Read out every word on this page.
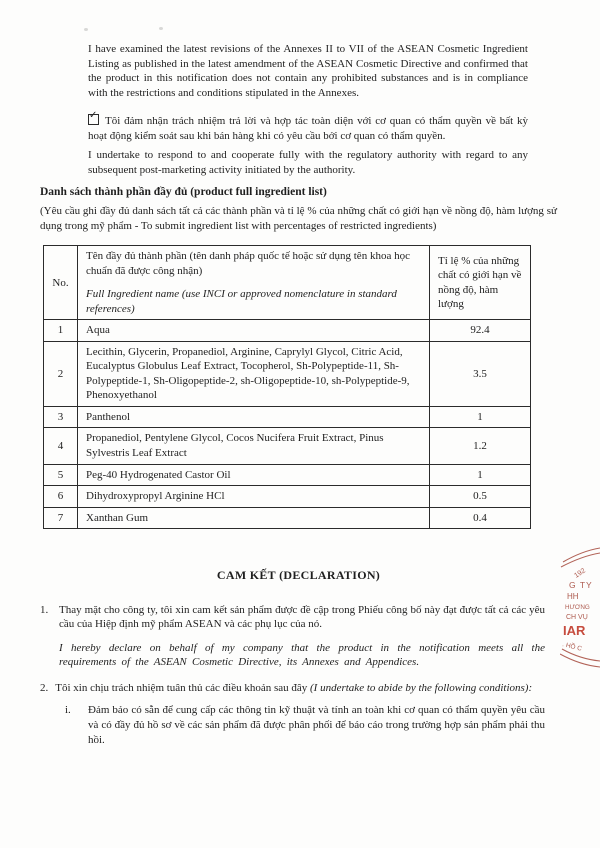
I have examined the latest revisions of the Annexes II to VII of the ASEAN Cosmetic Ingredient Listing as published in the latest amendment of the ASEAN Cosmetic Directive and confirmed that the product in this notification does not contain any prohibited substances and is in compliance with the restrictions and conditions stipulated in the Annexes.

✓ Tôi đảm nhận trách nhiệm trả lời và hợp tác toàn diện với cơ quan có thẩm quyền về bất kỳ hoạt động kiểm soát sau khi bán hàng khi có yêu cầu bởi cơ quan có thẩm quyền.

I undertake to respond to and cooperate fully with the regulatory authority with regard to any subsequent post-marketing activity initiated by the authority.

Danh sách thành phần đầy đủ (product full ingredient list)
(Yêu cầu ghi đầy đủ danh sách tất cả các thành phần và tỉ lệ % của những chất có giới hạn về nồng độ, hàm lượng sử dụng trong mỹ phẩm - To submit ingredient list with percentages of restricted ingredients)
No.	Tên đầy đủ thành phần (tên danh pháp quốc tế hoặc sử dụng tên khoa học chuẩn đã được công nhận)
Full Ingredient name (use INCI or approved nomenclature in standard references)	Tỉ lệ % của những chất có giới hạn về nồng độ, hàm lượng
1	Aqua	92.4
2	Lecithin, Glycerin, Propanediol, Arginine, Caprylyl Glycol, Citric Acid, Eucalyptus Globulus Leaf Extract, Tocopherol, Sh-Polypeptide-11, Sh-Polypeptide-1, Sh-Oligopeptide-2, sh-Oligopeptide-10, sh-Polypeptide-9, Phenoxyethanol	3.5
3	Panthenol	1
4	Propanediol, Pentylene Glycol, Cocos Nucifera Fruit Extract, Pinus Sylvestris Leaf Extract	1.2
5	Peg-40 Hydrogenated Castor Oil	1
6	Dihydroxypropyl Arginine HCl	0.5
7	Xanthan Gum	0.4
CAM KẾT (DECLARATION)
1. Thay mặt cho công ty, tôi xin cam kết sản phẩm được đề cập trong Phiếu công bố này đạt được tất cả các yêu cầu của Hiệp định mỹ phẩm ASEAN và các phụ lục của nó.
I hereby declare on behalf of my company that the product in the notification meets all the requirements of the ASEAN Cosmetic Directive, its Annexes and Appendices.
2. Tôi xin chịu trách nhiệm tuân thủ các điều khoản sau đây (I undertake to abide by the following conditions):
i. Đảm bảo có sẵn để cung cấp các thông tin kỹ thuật và tính an toàn khi cơ quan có thẩm quyền yêu cầu và có đầy đủ hồ sơ về các sản phẩm đã được phân phối để báo cáo trong trường hợp sản phẩm phải thu hồi.
192
G TY
HH
HƯƠNG
CH VỤ
IAR
. HỒ C
